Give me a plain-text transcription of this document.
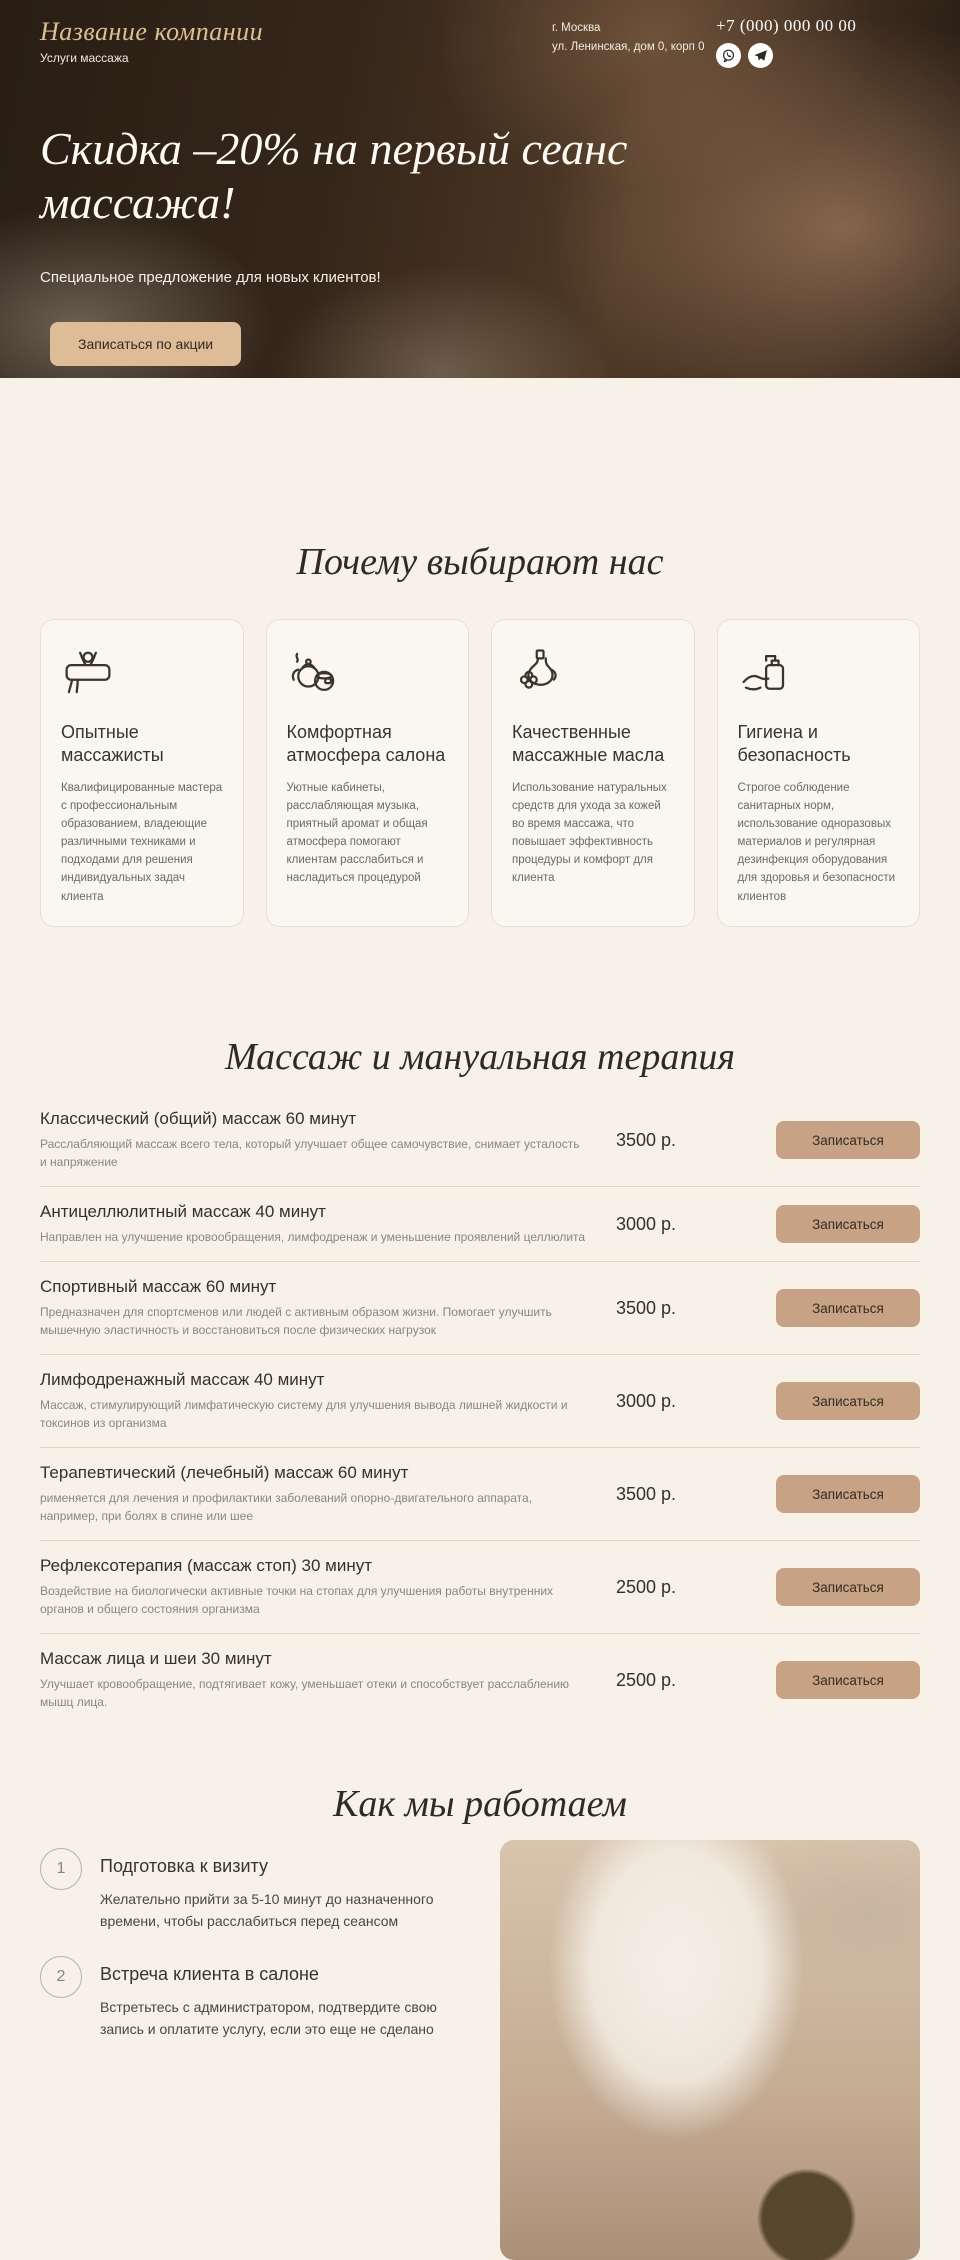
Название компании

Услуги массажа

г. Москва
ул. Ленинская, дом 0, корп 0
+7 (000) 000 00 00
Скидка –20% на первый сеанс массажа!

Специальное предложение для новых клиентов!

Записаться по акции
Почему выбирают нас
Опытные массажисты

Квалифицированные мастера с профессиональным образованием, владеющие различными техниками и подходами для решения индивидуальных задач клиента

Комфортная атмосфера салона

Уютные кабинеты, расслабляющая музыка, приятный аромат и общая атмосфера помогают клиентам расслабиться и насладиться процедурой

Качественные массажные масла

Использование натуральных средств для ухода за кожей во время массажа, что повышает эффективность процедуры и комфорт для клиента

Гигиена и безопасность

Строгое соблюдение санитарных норм, использование одноразовых материалов и регулярная дезинфекция оборудования для здоровья и безопасности клиентов

Массаж и мануальная терапия
Классический (общий) массаж 60 минут

Расслабляющий массаж всего тела, который улучшает общее самочувствие, снимает усталость и напряжение

3500 р.	Записаться
Антицеллюлитный массаж 40 минут

Направлен на улучшение кровообращения, лимфодренаж и уменьшение проявлений целлюлита

3000 р.	Записаться
Спортивный массаж 60 минут

Предназначен для спортсменов или людей с активным образом жизни. Помогает улучшить мышечную эластичность и восстановиться после физических нагрузок

3500 р.	Записаться
Лимфодренажный массаж 40 минут

Массаж, стимулирующий лимфатическую систему для улучшения вывода лишней жидкости и токсинов из организма

3000 р.	Записаться
Терапевтический (лечебный) массаж 60 минут

рименяется для лечения и профилактики заболеваний опорно-двигательного аппарата, например, при болях в спине или шее

3500 р.	Записаться
Рефлексотерапия (массаж стоп) 30 минут

Воздействие на биологически активные точки на стопах для улучшения работы внутренних органов и общего состояния организма

2500 р.	Записаться
Массаж лица и шеи 30 минут

Улучшает кровообращение, подтягивает кожу, уменьшает отеки и способствует расслаблению мышц лица.

2500 р.	Записаться
Как мы работаем
1	Подготовка к визиту

Желательно прийти за 5-10 минут до назначенного времени, чтобы расслабиться перед сеансом

2	Встреча клиента в салоне

Встретьтесь с администратором, подтвердите свою запись и оплатите услугу, если это еще не сделано
